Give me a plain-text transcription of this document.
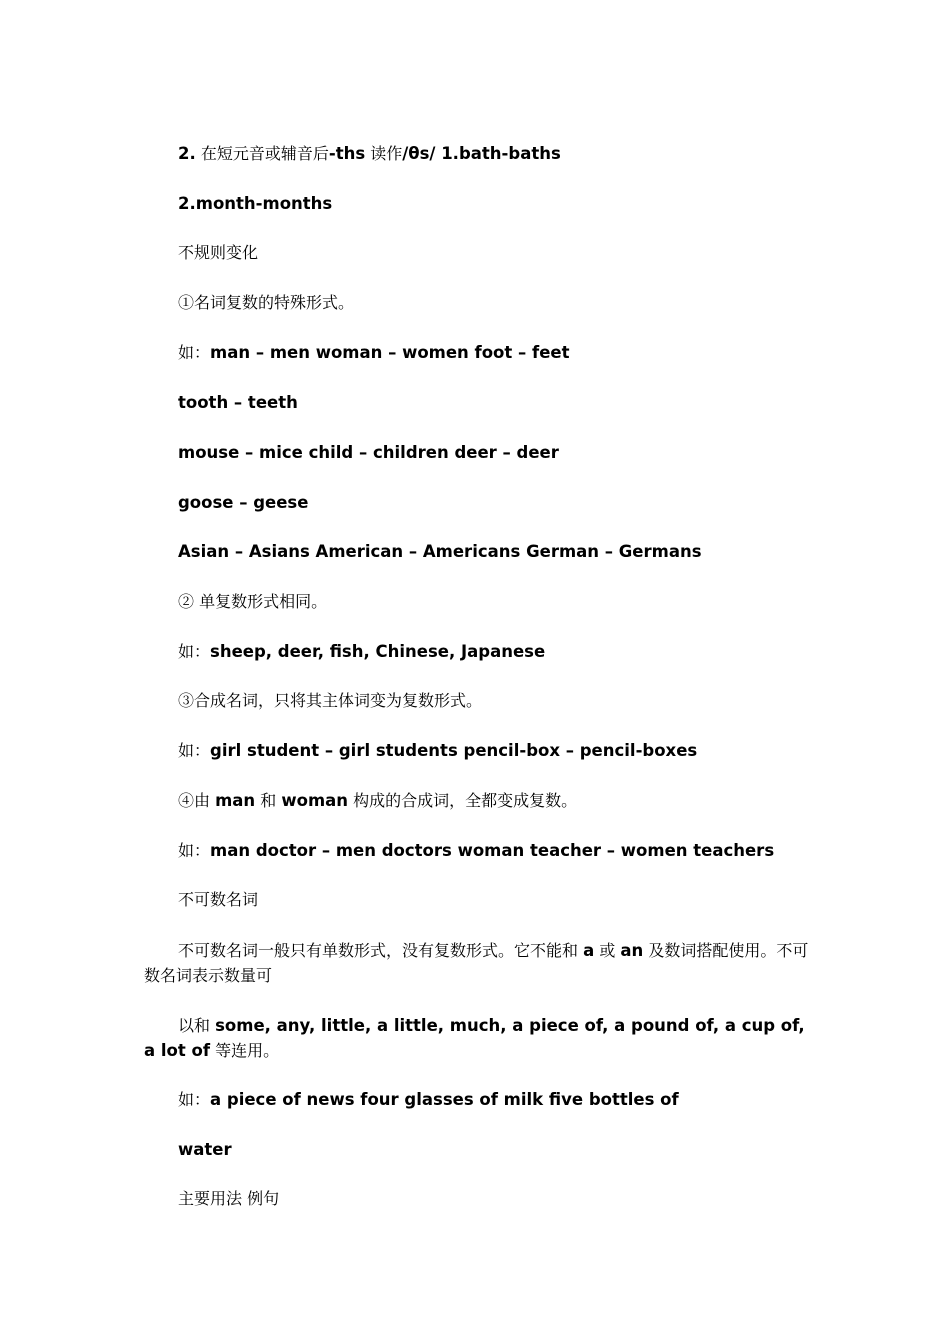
2. 在短元音或辅音后-ths 读作/θs/ 1.bath-baths
2.month-months
不规则变化
①名词复数的特殊形式。
如：man – men woman – women foot – feet
tooth – teeth
mouse – mice child – children deer – deer
goose – geese
Asian – Asians American – Americans German – Germans
② 单复数形式相同。
如：sheep, deer, fish, Chinese, Japanese
③合成名词，只将其主体词变为复数形式。
如：girl student – girl students pencil-box – pencil-boxes
④由 man 和 woman 构成的合成词，全都变成复数。
如：man doctor – men doctors woman teacher – women teachers
不可数名词
不可数名词一般只有单数形式，没有复数形式。它不能和 a 或 an 及数词搭配使用。不可数名词表示数量可
以和 some, any, little, a little, much, a piece of, a pound of, a cup of, a lot of 等连用。
如：a piece of news four glasses of milk five bottles of
water
主要用法 例句
